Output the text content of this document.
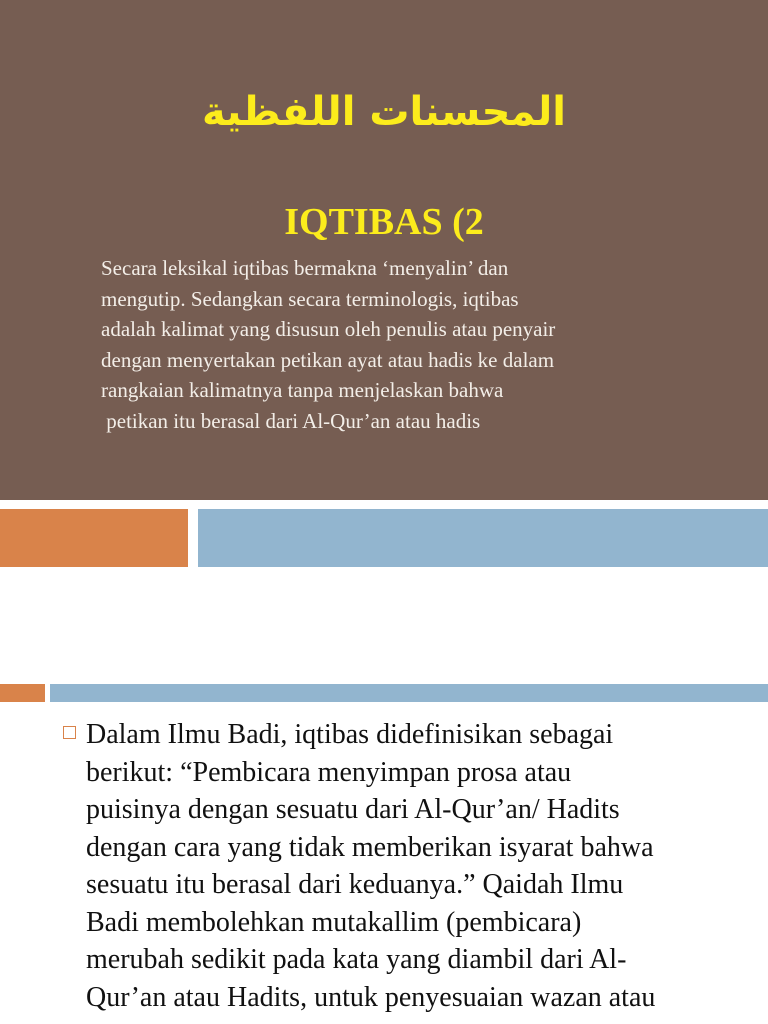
المحسنات اللفظية
IQTIBAS (2
Secara leksikal iqtibas bermakna ‘menyalin’ dan
mengutip. Sedangkan secara terminologis, iqtibas
adalah kalimat yang disusun oleh penulis atau penyair
dengan menyertakan petikan ayat atau hadis ke dalam
rangkaian kalimatnya tanpa menjelaskan bahwa
petikan itu berasal dari Al-Qur’an atau hadis
Dalam Ilmu Badi, iqtibas didefinisikan sebagai
berikut: “Pembicara menyimpan prosa atau
puisinya dengan sesuatu dari Al-Qur’an/ Hadits
dengan cara yang tidak memberikan isyarat bahwa
sesuatu itu berasal dari keduanya.” Qaidah Ilmu
Badi membolehkan mutakallim (pembicara)
merubah sedikit pada kata yang diambil dari Al-
Qur’an atau Hadits, untuk penyesuaian wazan atau
